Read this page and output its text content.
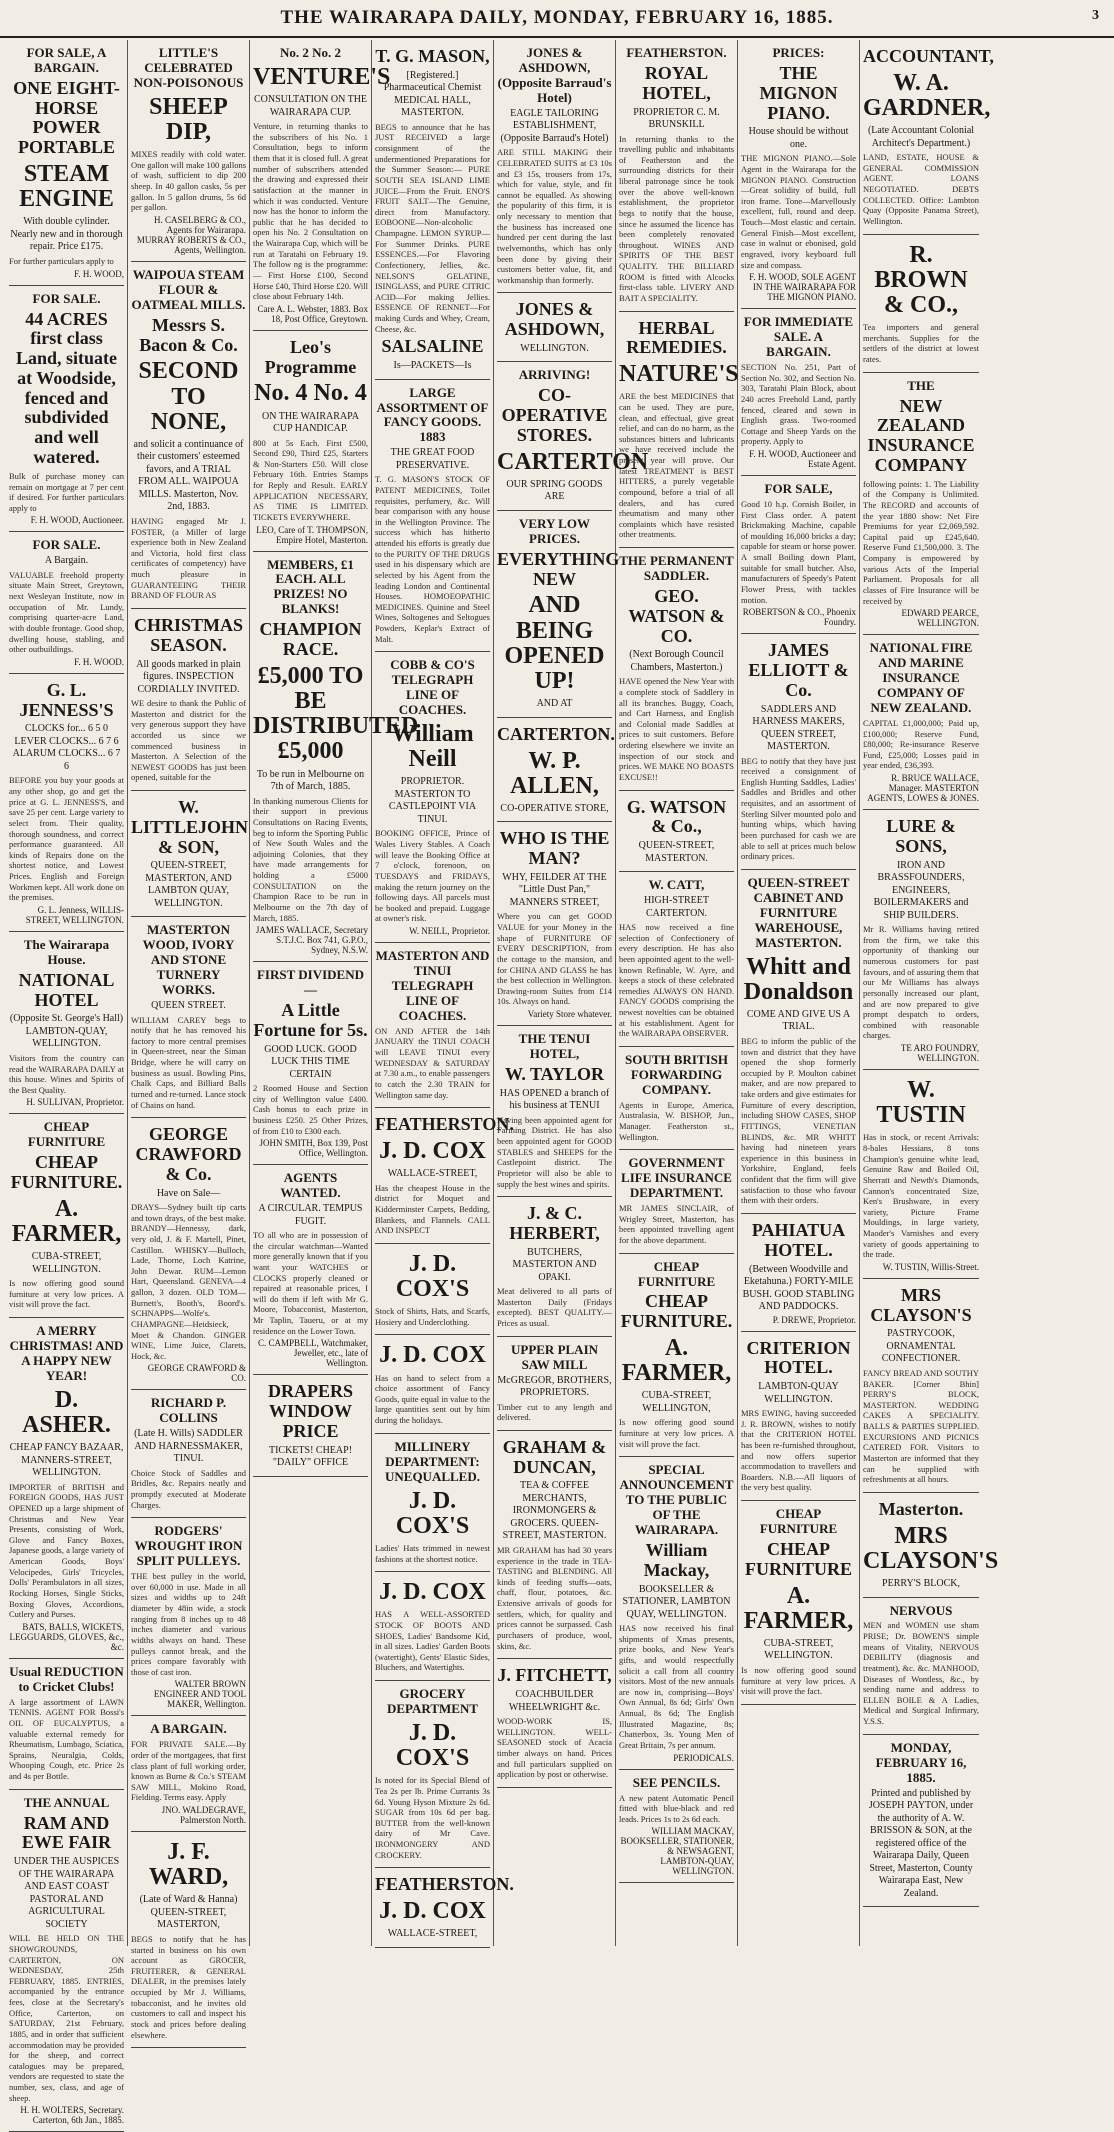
THE WAIRARAPA DAILY, MONDAY, FEBRUARY 16, 1885.	3
FOR SALE, A BARGAIN.
ONE EIGHT-HORSE POWER PORTABLE
STEAM ENGINE
With double cylinder. Nearly new and in thorough repair. Price £175.
For further particulars apply to
F. H. WOOD,
FOR SALE.
44 ACRES first class Land, situate at Woodside, fenced and subdivided and well watered.
Bulk of purchase money can remain on mortgage at 7 per cent if desired. For further particulars apply to
F. H. WOOD, Auctioneer.
FOR SALE.
A Bargain.
VALUABLE freehold property situate Main Street, Greytown, next Wesleyan Institute, now in occupation of Mr. Lundy, comprising quarter-acre Land, with double frontage. Good shop, dwelling house, stabling, and other outbuildings.
F. H. WOOD.
G. L. JENNESS'S
CLOCKS for... 6 5 0 LEVER CLOCKS... 6 7 6 ALARUM CLOCKS... 6 7 6
BEFORE you buy your goods at any other shop, go and get the price at G. L. JENNESS'S, and save 25 per cent. Large variety to select from. Their quality, thorough soundness, and correct performance guaranteed. All kinds of Repairs done on the shortest notice, and Lowest Prices. English and Foreign Workmen kept. All work done on the premises.
G. L. Jenness, WILLIS-STREET, WELLINGTON.
The Wairarapa House.
NATIONAL HOTEL
(Opposite St. George's Hall) LAMBTON-QUAY, WELLINGTON.
Visitors from the country can read the WAIRARAPA DAILY at this house. Wines and Spirits of the Best Quality.
H. SULLIVAN, Proprietor.
CHEAP FURNITURE
CHEAP FURNITURE.
A. FARMER,
CUBA-STREET, WELLINGTON.
Is now offering good sound furniture at very low prices. A visit will prove the fact.
A MERRY CHRISTMAS! AND A HAPPY NEW YEAR!
D. ASHER.
CHEAP FANCY BAZAAR, MANNERS-STREET, WELLINGTON.
IMPORTER of BRITISH and FOREIGN GOODS, HAS JUST OPENED up a large shipment of Christmas and New Year Presents, consisting of Work, Glove and Fancy Boxes, Japanese goods, a large variety of American Goods, Boys' Velocipedes, Girls' Tricycles, Dolls' Perambulators in all sizes, Rocking Horses, Single Sticks, Boxing Gloves, Accordions, Cutlery and Purses.
BATS, BALLS, WICKETS, LEGGUARDS, GLOVES, &c., &c.
Usual REDUCTION to Cricket Clubs!
A large assortment of LAWN TENNIS. AGENT FOR Bossi's OIL OF EUCALYPTUS, a valuable external remedy for Rheumatism, Lumbago, Sciatica, Sprains, Neuralgia, Colds, Whooping Cough, etc. Price 2s and 4s per Bottle.
THE ANNUAL
RAM AND EWE FAIR
UNDER THE AUSPICES OF THE WAIRARAPA AND EAST COAST PASTORAL AND AGRICULTURAL SOCIETY
WILL BE HELD ON THE SHOWGROUNDS, CARTERTON, ON WEDNESDAY, 25th FEBRUARY, 1885. ENTRIES, accompanied by the entrance fees, close at the Secretary's Office, Carterton, on SATURDAY, 21st February, 1885, and in order that sufficient accommodation may be provided for the sheep, and correct catalogues may be prepared, vendors are requested to state the number, sex, class, and age of sheep.
H. H. WOLTERS, Secretary. Carterton, 6th Jan., 1885.
LITTLE'S CELEBRATED NON-POISONOUS
SHEEP DIP,
MIXES readily with cold water. One gallon will make 100 gallons of wash, sufficient to dip 200 sheep. In 40 gallon casks, 5s per gallon. In 5 gallon drums, 5s 6d per gallon.
H. CASELBERG & CO., Agents for Wairarapa. MURRAY ROBERTS & CO., Agents, Wellington.
WAIPOUA STEAM FLOUR & OATMEAL MILLS.
Messrs S. Bacon & Co.
SECOND TO NONE,
and solicit a continuance of their customers' esteemed favors, and A TRIAL FROM ALL. WAIPOUA MILLS. Masterton, Nov. 2nd, 1883.
HAVING engaged Mr J. FOSTER, (a Miller of large experience both in New Zealand and Victoria, hold first class certificates of competency) have much pleasure in GUARANTEEING THEIR BRAND OF FLOUR AS
CHRISTMAS SEASON.
All goods marked in plain figures. INSPECTION CORDIALLY INVITED.
WE desire to thank the Public of Masterton and district for the very generous support they have accorded us since we commenced business in Masterton. A Selection of the NEWEST GOODS has just been opened, suitable for the
W. LITTLEJOHN & SON,
QUEEN-STREET, MASTERTON, AND LAMBTON QUAY, WELLINGTON.
MASTERTON WOOD, IVORY AND STONE TURNERY WORKS.
QUEEN STREET.
WILLIAM CAREY begs to notify that he has removed his factory to more central premises in Queen-street, near the Siman Bridge, where he will carry on business as usual. Bowling Pins, Chalk Caps, and Billiard Balls turned and re-turned. Lance stock of Chains on hand.
GEORGE CRAWFORD & Co.
Have on Sale—
DRAYS—Sydney built tip carts and town drays, of the best make. BRANDY—Hennessy, dark, very old, J. & F. Martell, Pinet, Castillon. WHISKY—Bulloch, Lade, Thorne, Loch Katrine, John Dewar. RUM—Lemon Hart, Queensland. GENEVA—4 gallon, 3 dozen. OLD TOM—Burnett's, Booth's, Boord's. SCHNAPPS—Wolfe's. CHAMPAGNE—Heidsieck, Moet & Chandon. GINGER WINE, Lime Juice, Clarets, Hock, &c.
GEORGE CRAWFORD & CO.
RICHARD P. COLLINS
(Late H. Wills) SADDLER AND HARNESSMAKER, TINUI.
Choice Stock of Saddles and Bridles, &c. Repairs neatly and promptly executed at Moderate Charges.
RODGERS' WROUGHT IRON SPLIT PULLEYS.
THE best pulley in the world, over 60,000 in use. Made in all sizes and widths up to 24ft diameter by 48in wide, a stock ranging from 8 inches up to 48 inches diameter and various widths always on hand. These pulleys cannot break, and the prices compare favorably with those of cast iron.
WALTER BROWN ENGINEER AND TOOL MAKER, Wellington.
A BARGAIN.
FOR PRIVATE SALE.—By order of the mortgagees, that first class plant of full working order, known as Burne & Co.'s STEAM SAW MILL, Mokino Road, Fielding. Terms easy. Apply
JNO. WALDEGRAVE, Palmerston North.
J. F. WARD,
(Late of Ward & Hanna) QUEEN-STREET, MASTERTON,
BEGS to notify that he has started in business on his own account as GROCER, FRUITERER, & GENERAL DEALER, in the premises lately occupied by Mr J. Williams, tobacconist, and he invites old customers to call and inspect his stock and prices before dealing elsewhere.
No. 2 No. 2
VENTURE'S
CONSULTATION ON THE WAIRARAPA CUP.
Venture, in returning thanks to the subscribers of his No. 1 Consultation, begs to inform them that it is closed full. A great number of subscribers attended the drawing and expressed their satisfaction at the manner in which it was conducted. Venture now has the honor to inform the public that he has decided to open his No. 2 Consultation on the Wairarapa Cup, which will be run at Taratahi on February 19. The follow ng is the programme:— First Horse £100, Second Horse £40, Third Horse £20. Will close about February 14th.
Care A. L. Webster, 1883. Box 18, Post Office, Greytown.
Leo's Programme
No. 4 No. 4
ON THE WAIRARAPA CUP HANDICAP.
800 at 5s Each. First £500, Second £90, Third £25, Starters & Non-Starters £50. Will close February 16th. Entries Stamps for Reply and Result. EARLY APPLICATION NECESSARY, AS TIME IS LIMITED. TICKETS EVERYWHERE.
LEO, Care of T. THOMPSON, Empire Hotel, Masterton.
MEMBERS, £1 EACH. ALL PRIZES! NO BLANKS!
CHAMPION RACE.
£5,000 TO BE DISTRIBUTED £5,000
To be run in Melbourne on 7th of March, 1885.
In thanking numerous Clients for their support in previous Consultations on Racing Events, beg to inform the Sporting Public of New South Wales and the adjoining Colonies, that they have made arrangements for holding a £5000 CONSULTATION on the Champion Race to be run in Melbourne on the 7th day of March, 1885.
JAMES WALLACE, Secretary S.T.J.C. Box 741, G.P.O., Sydney, N.S.W.
FIRST DIVIDEND—
A Little Fortune for 5s.
GOOD LUCK. GOOD LUCK THIS TIME CERTAIN
2 Roomed House and Section city of Wellington value £400. Cash bonus to each prize in business £250. 25 Other Prizes, of from £10 to £300 each.
JOHN SMITH, Box 139, Post Office, Wellington.
AGENTS WANTED.
A CIRCULAR. TEMPUS FUGIT.
TO all who are in possession of the circular watchman—Wanted more generally known that if you want your WATCHES or CLOCKS properly cleaned or repaired at reasonable prices, I will do them if left with Mr G. Moore, Tobacconist, Masterton, Mr Taplin, Taueru, or at my residence on the Lower Town.
C. CAMPBELL, Watchmaker, Jeweller, etc., late of Wellington.
DRAPERS WINDOW PRICE
TICKETS! CHEAP! "DAILY" OFFICE
T. G. MASON,
[Registered.] Pharmaceutical Chemist MEDICAL HALL, MASTERTON.
BEGS to announce that he has JUST RECEIVED a large consignment of the undermentioned Preparations for the Summer Season:— PURE SOUTH SEA ISLAND LIME JUICE—From the Fruit. ENO'S FRUIT SALT—The Genuine, direct from Manufactory. EOBOONE—Non-alcoholic Champagne. LEMON SYRUP—For Summer Drinks. PURE ESSENCES.—For Flavoring Confectionery, Jellies, &c. NELSON'S GELATINE, ISINGLASS, and PURE CITRIC ACID—For making Jellies. ESSENCE OF RENNET—For making Curds and Whey, Cream, Cheese, &c.
SALSALINE
Is—PACKETS—Is
LARGE ASSORTMENT OF FANCY GOODS. 1883
THE GREAT FOOD PRESERVATIVE.
T. G. MASON'S STOCK OF PATENT MEDICINES, Toilet requisites, perfumery, &c. Will bear comparison with any house in the Wellington Province. The success which has hitherto attended his efforts is greatly due to the PURITY OF THE DRUGS used in his dispensary which are selected by his Agent from the leading London and Continental Houses. HOMOEOPATHIC MEDICINES. Quinine and Steel Wines, Soltogenes and Seltogues Powders, Keplar's Extract of Malt.
COBB & CO'S TELEGRAPH LINE OF COACHES.
William Neill
PROPRIETOR. MASTERTON TO CASTLEPOINT VIA TINUI.
BOOKING OFFICE, Prince of Wales Livery Stables. A Coach will leave the Booking Office at 7 o'clock, forenoon, on TUESDAYS and FRIDAYS, making the return journey on the following days. All parcels must be booked and prepaid. Luggage at owner's risk.
W. NEILL, Proprietor.
MASTERTON AND TINUI TELEGRAPH LINE OF COACHES.
ON AND AFTER the 14th JANUARY the TINUI COACH will LEAVE TINUI every WEDNESDAY & SATURDAY at 7.30 a.m., to enable passengers to catch the 2.30 TRAIN for Wellington same day.
FEATHERSTON.
J. D. COX
WALLACE-STREET,
Has the cheapest House in the district for Moquet and Kidderminster Carpets, Bedding, Blankets, and Flannels. CALL AND INSPECT
J. D. COX'S
Stock of Shirts, Hats, and Scarfs, Hosiery and Underclothing.
J. D. COX
Has on hand to select from a choice assortment of Fancy Goods, quite equal in value to the large quantities sent out by him during the holidays.
MILLINERY DEPARTMENT: UNEQUALLED.
J. D. COX'S
Ladies' Hats trimmed in newest fashions at the shortest notice.
J. D. COX
HAS A WELL-ASSORTED STOCK OF BOOTS AND SHOES, Ladies' Bandsome Kid, in all sizes. Ladies' Garden Boots (watertight), Gents' Elastic Sides, Bluchers, and Watertights.
GROCERY DEPARTMENT
J. D. COX'S
Is noted for its Special Blend of Tea 2s per lb. Prime Currants 3s 6d. Young Hyson Mixture 2s 6d. SUGAR from 10s 6d per bag. BUTTER from the well-known dairy of Mr Cave. IRONMONGERY AND CROCKERY.
FEATHERSTON.
J. D. COX
WALLACE-STREET,
JONES & ASHDOWN, (Opposite Barraud's Hotel)
EAGLE TAILORING ESTABLISHMENT, (Opposite Barraud's Hotel)
ARE STILL MAKING their CELEBRATED SUITS at £3 10s and £3 15s, trousers from 17s, which for value, style, and fit cannot be equalled. As showing the popularity of this firm, it is only necessary to mention that the business has increased one hundred per cent during the last twelvemonths, which has only been done by giving their customers better value, fit, and workmanship than formerly.
JONES & ASHDOWN,
WELLINGTON.
ARRIVING!
CO-OPERATIVE STORES.
CARTERTON
OUR SPRING GOODS ARE
VERY LOW PRICES.
EVERYTHING NEW
AND BEING OPENED UP!
AND AT
CARTERTON.
W. P. ALLEN,
CO-OPERATIVE STORE,
WHO IS THE MAN?
WHY, FEILDER AT THE "Little Dust Pan," MANNERS STREET,
Where you can get GOOD VALUE for your Money in the shape of FURNITURE OF EVERY DESCRIPTION, from the cottage to the mansion, and for CHINA AND GLASS he has the best collection in Wellington. Drawing-room Suites from £14 10s. Always on hand.
Variety Store whatever.
THE TENUI HOTEL,
W. TAYLOR
HAS OPENED a branch of his business at TENUI
Having been appointed agent for Farming District. He has also been appointed agent for GOOD STABLES and SHEEPS for the Castlepoint district. The Proprietor will also be able to supply the best wines and spirits.
J. & C. HERBERT,
BUTCHERS, MASTERTON AND OPAKI.
Meat delivered to all parts of Masterton Daily (Fridays excepted). BEST QUALITY.—Prices as usual.
UPPER PLAIN SAW MILL
McGREGOR, BROTHERS, PROPRIETORS.
Timber cut to any length and delivered.
GRAHAM & DUNCAN,
TEA & COFFEE MERCHANTS, IRONMONGERS & GROCERS. QUEEN-STREET, MASTERTON.
MR GRAHAM has had 30 years experience in the trade in TEA-TASTING and BLENDING. All kinds of feeding stuffs—oats, chaff, flour, potatoes, &c. Extensive arrivals of goods for settlers, which, for quality and prices cannot be surpassed. Cash purchasers of produce, wool, skins, &c.
J. FITCHETT,
COACHBUILDER WHEELWRIGHT &c.
WOOD-WORK IS, WELLINGTON. WELL-SEASONED stock of Acacia timber always on hand. Prices and full particulars supplied on application by post or otherwise.
FEATHERSTON.
ROYAL HOTEL,
PROPRIETOR C. M. BRUNSKILL
In returning thanks to the travelling public and inhabitants of Featherston and the surrounding districts for their liberal patronage since he took over the above well-known establishment, the proprietor begs to notify that the house, since he assumed the licence has been completely renovated throughout. WINES AND SPIRITS OF THE BEST QUALITY. THE BILLIARD ROOM is fitted with Alcocks first-class table. LIVERY AND BAIT A SPECIALITY.
HERBAL REMEDIES.
NATURE'S
ARE the best MEDICINES that can be used. They are pure, clean, and effectual, give great relief, and can do no harm, as the substances bitters and lubricants we have received include the present year will prove. Our latest TREATMENT is BEST HITTERS, a purely vegetable compound, before a trial of all dealers, and has cured rheumatism and many other complaints which have resisted other treatments.
THE PERMANENT SADDLER.
GEO. WATSON & CO.
(Next Borough Council Chambers, Masterton.)
HAVE opened the New Year with a complete stock of Saddlery in all its branches. Buggy, Coach, and Cart Harness, and English and Colonial made Saddles at prices to suit customers. Before ordering elsewhere we invite an inspection of our stock and prices. WE MAKE NO BOASTS EXCUSE!!
G. WATSON & Co.,
QUEEN-STREET, MASTERTON.
W. CATT,
HIGH-STREET CARTERTON.
HAS now received a fine selection of Confectionery of every description. He has also been appointed agent to the well-known Refinable, W. Ayre, and keeps a stock of these celebrated remedies ALWAYS ON HAND. FANCY GOODS comprising the newest novelties can be obtained at his establishment. Agent for the WAIRARAPA OBSERVER.
SOUTH BRITISH FORWARDING COMPANY.
Agents in Europe, America, Australasia, W. BISHOP, Jun., Manager. Featherston st., Wellington.
GOVERNMENT LIFE INSURANCE DEPARTMENT.
MR JAMES SINCLAIR, of Wrigley Street, Masterton, has been appointed travelling agent for the above department.
CHEAP FURNITURE
CHEAP FURNITURE.
A. FARMER,
CUBA-STREET, WELLINGTON,
Is now offering good sound furniture at very low prices. A visit will prove the fact.
SPECIAL ANNOUNCEMENT TO THE PUBLIC OF THE WAIRARAPA.
William Mackay,
BOOKSELLER & STATIONER, LAMBTON QUAY, WELLINGTON.
HAS now received his final shipments of Xmas presents, prize books, and New Year's gifts, and would respectfully solicit a call from all country visitors. Most of the new annuals are now in, comprising—Boys' Own Annual, 8s 6d; Girls' Own Annual, 8s 6d; The English Illustrated Magazine, 8s; Chatterbox, 3s. Young Men of Great Britain, 7s per annum.
PERIODICALS.
SEE PENCILS.
A new patent Automatic Pencil fitted with blue-black and red leads. Prices 1s to 2s 6d each.
WILLIAM MACKAY, BOOKSELLER, STATIONER, & NEWSAGENT, LAMBTON-QUAY, WELLINGTON.
PRICES:
THE MIGNON PIANO.
House should be without one.
THE MIGNON PIANO.—Sole Agent in the Wairarapa for the MIGNON PIANO. Construction—Great solidity of build, full iron frame. Tone—Marvellously excellent, full, round and deep. Touch—Most elastic and certain. General Finish—Most excellent, case in walnut or ebonised, gold engraved, ivory keyboard full size and compass.
F. H. WOOD, SOLE AGENT IN THE WAIRARAPA FOR THE MIGNON PIANO.
FOR IMMEDIATE SALE. A BARGAIN.
SECTION No. 251, Part of Section No. 302, and Section No. 303, Taratahi Plain Block, about 240 acres Freehold Land, partly fenced, cleared and sown in English grass. Two-roomed Cottage and Sheep Yards on the property. Apply to
F. H. WOOD, Auctioneer and Estate Agent.
FOR SALE,
Good 10 h.p. Cornish Boiler, in First Class order. A patent Brickmaking Machine, capable of moulding 16,000 bricks a day; capable for steam or horse power. A small Boiling down Plant, suitable for small butcher. Also, manufacturers of Speedy's Patent Flower Press, with tackles motion.
ROBERTSON & CO., Phoenix Foundry.
JAMES ELLIOTT & Co.
SADDLERS AND HARNESS MAKERS, QUEEN STREET, MASTERTON.
BEG to notify that they have just received a consignment of English Hunting Saddles, Ladies' Saddles and Bridles and other requisites, and an assortment of Sterling Silver mounted polo and hunting whips, which having been purchased for cash we are able to sell at prices much below ordinary prices.
QUEEN-STREET CABINET AND FURNITURE WAREHOUSE, MASTERTON.
Whitt and Donaldson
COME AND GIVE US A TRIAL.
BEG to inform the public of the town and district that they have opened the shop formerly occupied by P. Moulton cabinet maker, and are now prepared to take orders and give estimates for Furniture of every description, including SHOW CASES, SHOP FITTINGS, VENETIAN BLINDS, &c. MR WHITT having had nineteen years experience in this business in Yorkshire, England, feels confident that the firm will give satisfaction to those who favour them with their orders.
PAHIATUA HOTEL.
(Between Woodville and Eketahuna.) FORTY-MILE BUSH. GOOD STABLING AND PADDOCKS.
P. DREWE, Proprietor.
CRITERION HOTEL.
LAMBTON-QUAY WELLINGTON.
MRS EWING, having succeeded J. R. BROWN, wishes to notify that the CRITERION HOTEL has been re-furnished throughout, and now offers superior accommodation to travellers and Boarders. N.B.—All liquors of the very best quality.
CHEAP FURNITURE
CHEAP FURNITURE
A. FARMER,
CUBA-STREET, WELLINGTON.
Is now offering good sound furniture at very low prices. A visit will prove the fact.
ACCOUNTANT,
W. A. GARDNER,
(Late Accountant Colonial Architect's Department.)
LAND, ESTATE, HOUSE & GENERAL COMMISSION AGENT. LOANS NEGOTIATED. DEBTS COLLECTED. Office: Lambton Quay (Opposite Panama Street), Wellington.
R. BROWN & CO.,
Tea importers and general merchants. Supplies for the settlers of the district at lowest rates.
THE
NEW ZEALAND INSURANCE COMPANY
following points: 1. The Liability of the Company is Unlimited. The RECORD and accounts of the year 1880 show: Net Fire Premiums for year £2,069,592. Capital paid up £245,640. Reserve Fund £1,500,000. 3. The Company is empowered by various Acts of the Imperial Parliament. Proposals for all classes of Fire Insurance will be received by
EDWARD PEARCE, WELLINGTON.
NATIONAL FIRE AND MARINE INSURANCE COMPANY OF NEW ZEALAND.
CAPITAL £1,000,000; Paid up, £100,000; Reserve Fund, £80,000; Re-insurance Reserve Fund, £25,000; Losses paid in year ended, £36,393.
R. BRUCE WALLACE, Manager. MASTERTON AGENTS, LOWES & JONES.
LURE & SONS,
IRON AND BRASSFOUNDERS, ENGINEERS, BOILERMAKERS and SHIP BUILDERS.
Mr R. Williams having retired from the firm, we take this opportunity of thanking our numerous customers for past favours, and of assuring them that our Mr Williams has always personally increased our plant, and are now prepared to give prompt despatch to orders, combined with reasonable charges.
TE ARO FOUNDRY, WELLINGTON.
W. TUSTIN
Has in stock, or recent Arrivals: 8-bales Hessians, 8 tons Champion's genuine white lead, Genuine Raw and Boiled Oil, Sherratt and Newth's Diamonds, Cannon's concentrated Size, Ken's Brushware, in every variety, Picture Frame Mouldings, in large variety, Maoder's Varnishes and every variety of goods appertaining to the trade.
W. TUSTIN, Willis-Street.
MRS CLAYSON'S
PASTRYCOOK, ORNAMENTAL CONFECTIONER.
FANCY BREAD AND SOUTHY BAKER. [Corner Bhin] PERRY'S BLOCK, MASTERTON. WEDDING CAKES A SPECIALITY. BALLS & PARTIES SUPPLIED. EXCURSIONS AND PICNICS CATERED FOR. Visitors to Masterton are informed that they can be supplied with refreshments at all hours.
Masterton.
MRS CLAYSON'S
PERRY'S BLOCK,
NERVOUS
MEN and WOMEN use sham PRISE; Dr. BOWEN'S simple means of Vitality, NERVOUS DEBILITY (diagnosis and treatment), &c. &c. MANHOOD, Diseases of Wontless, &c., by sending name and address to ELLEN BOILE & A Ladies, Medical and Surgical Infirmary, Y.S.S.
MONDAY, FEBRUARY 16, 1885.
Printed and published by JOSEPH PAYTON, under the authority of A. W. BRISSON & SON, at the registered office of the Wairarapa Daily, Queen Street, Masterton, County Wairarapa East, New Zealand.
